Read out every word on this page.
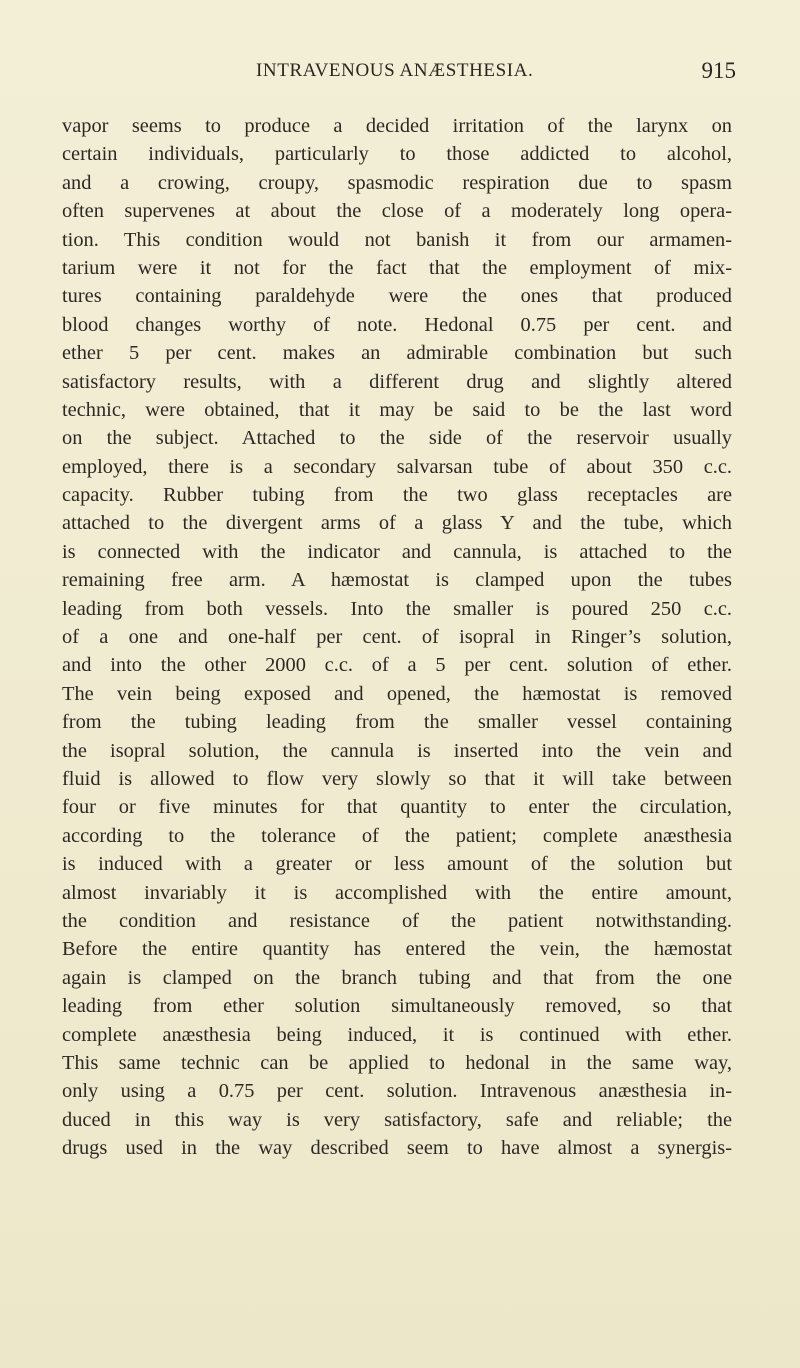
INTRAVENOUS ANÆSTHESIA.	915
vapor seems to produce a decided irritation of the larynx on
certain individuals, particularly to those addicted to alcohol,
and a crowing, croupy, spasmodic respiration due to spasm
often supervenes at about the close of a moderately long opera-
tion. This condition would not banish it from our armamen-
tarium were it not for the fact that the employment of mix-
tures containing paraldehyde were the ones that produced
blood changes worthy of note. Hedonal 0.75 per cent. and
ether 5 per cent. makes an admirable combination but such
satisfactory results, with a different drug and slightly altered
technic, were obtained, that it may be said to be the last word
on the subject. Attached to the side of the reservoir usually
employed, there is a secondary salvarsan tube of about 350 c.c.
capacity. Rubber tubing from the two glass receptacles are
attached to the divergent arms of a glass Y and the tube, which
is connected with the indicator and cannula, is attached to the
remaining free arm. A hæmostat is clamped upon the tubes
leading from both vessels. Into the smaller is poured 250 c.c.
of a one and one-half per cent. of isopral in Ringer’s solution,
and into the other 2000 c.c. of a 5 per cent. solution of ether.
The vein being exposed and opened, the hæmostat is removed
from the tubing leading from the smaller vessel containing
the isopral solution, the cannula is inserted into the vein and
fluid is allowed to flow very slowly so that it will take between
four or five minutes for that quantity to enter the circulation,
according to the tolerance of the patient; complete anæsthesia
is induced with a greater or less amount of the solution but
almost invariably it is accomplished with the entire amount,
the condition and resistance of the patient notwithstanding.
Before the entire quantity has entered the vein, the hæmostat
again is clamped on the branch tubing and that from the one
leading from ether solution simultaneously removed, so that
complete anæsthesia being induced, it is continued with ether.
This same technic can be applied to hedonal in the same way,
only using a 0.75 per cent. solution. Intravenous anæsthesia in-
duced in this way is very satisfactory, safe and reliable; the
drugs used in the way described seem to have almost a synergis-
